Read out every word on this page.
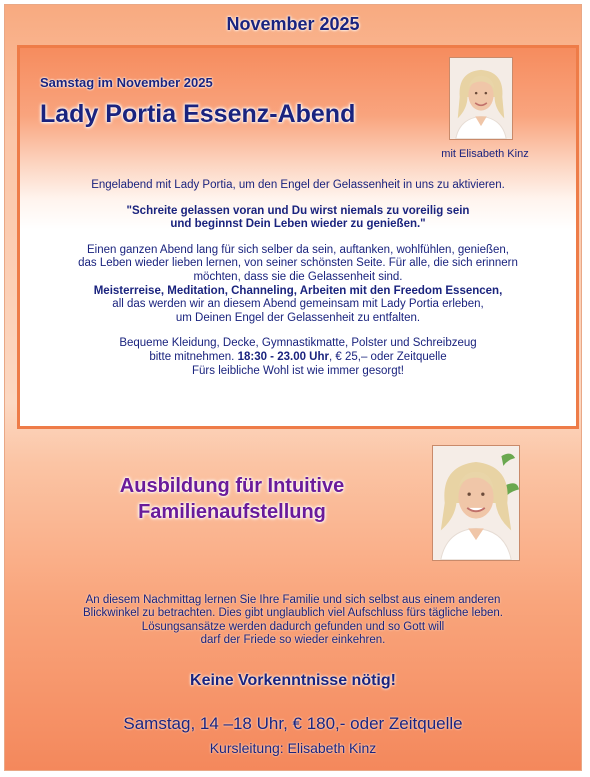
November 2025
Samstag im November 2025
Lady Portia Essenz-Abend
mit Elisabeth Kinz

Engelabend mit Lady Portia, um den Engel der Gelassenheit in uns zu aktivieren.

"Schreite gelassen voran und Du wirst niemals zu voreilig sein

und beginnst Dein Leben wieder zu genießen."

Einen ganzen Abend lang für sich selber da sein, auftanken, wohlfühlen, genießen,

das Leben wieder lieben lernen, von seiner schönsten Seite. Für alle, die sich erinnern

möchten, dass sie die Gelassenheit sind.

Meisterreise, Meditation, Channeling, Arbeiten mit den Freedom Essencen,

all das werden wir an diesem Abend gemeinsam mit Lady Portia erleben,

um Deinen Engel der Gelassenheit zu entfalten.

Bequeme Kleidung, Decke, Gymnastikmatte, Polster und Schreibzeug

bitte mitnehmen. 18:30 - 23.00 Uhr, € 25,– oder Zeitquelle

Fürs leibliche Wohl ist wie immer gesorgt!

Ausbildung für Intuitive
Familienaufstellung

An diesem Nachmittag lernen Sie Ihre Familie und sich selbst aus einem anderen

Blickwinkel zu betrachten. Dies gibt unglaublich viel Aufschluss fürs tägliche leben.

Lösungsansätze werden dadurch gefunden und so Gott will

darf der Friede so wieder einkehren.

Keine Vorkenntnisse nötig!
Samstag, 14 –18 Uhr, € 180,- oder Zeitquelle
Kursleitung: Elisabeth Kinz
